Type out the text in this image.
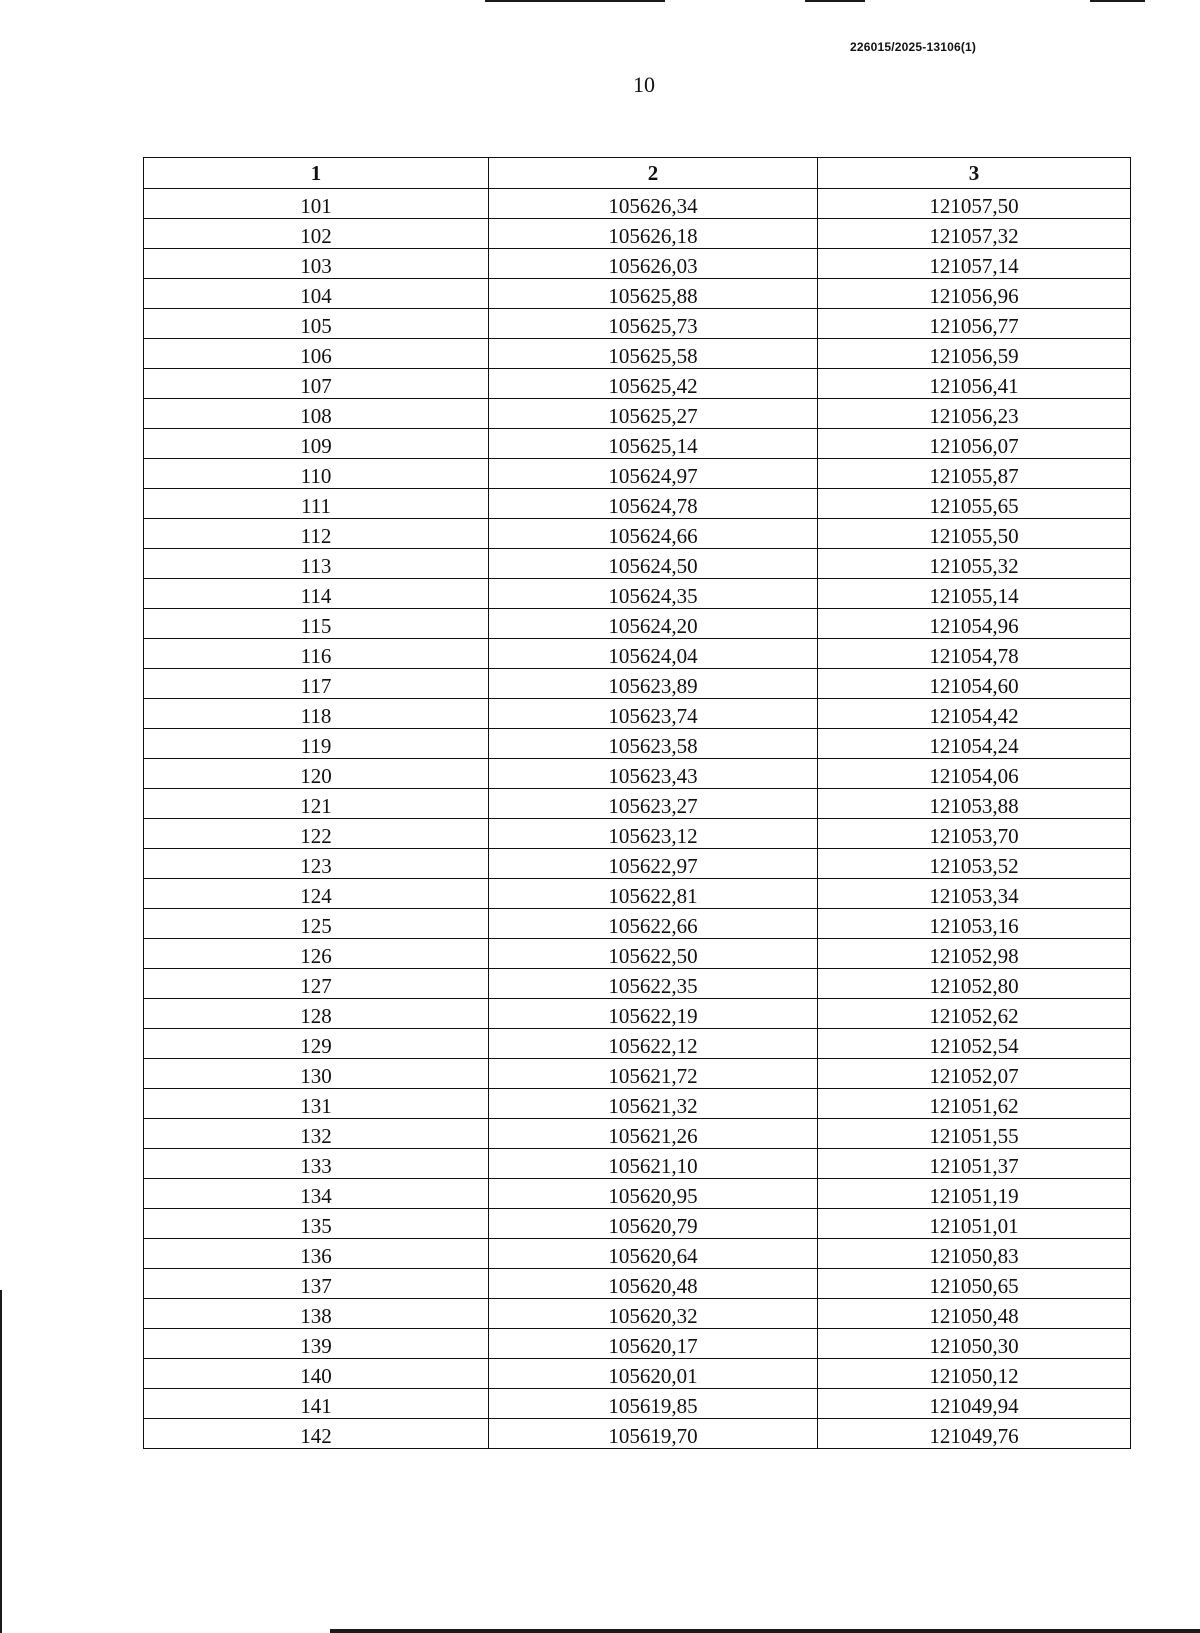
226015/2025-13106(1)
10
1	2	3
101	105626,34	121057,50
102	105626,18	121057,32
103	105626,03	121057,14
104	105625,88	121056,96
105	105625,73	121056,77
106	105625,58	121056,59
107	105625,42	121056,41
108	105625,27	121056,23
109	105625,14	121056,07
110	105624,97	121055,87
111	105624,78	121055,65
112	105624,66	121055,50
113	105624,50	121055,32
114	105624,35	121055,14
115	105624,20	121054,96
116	105624,04	121054,78
117	105623,89	121054,60
118	105623,74	121054,42
119	105623,58	121054,24
120	105623,43	121054,06
121	105623,27	121053,88
122	105623,12	121053,70
123	105622,97	121053,52
124	105622,81	121053,34
125	105622,66	121053,16
126	105622,50	121052,98
127	105622,35	121052,80
128	105622,19	121052,62
129	105622,12	121052,54
130	105621,72	121052,07
131	105621,32	121051,62
132	105621,26	121051,55
133	105621,10	121051,37
134	105620,95	121051,19
135	105620,79	121051,01
136	105620,64	121050,83
137	105620,48	121050,65
138	105620,32	121050,48
139	105620,17	121050,30
140	105620,01	121050,12
141	105619,85	121049,94
142	105619,70	121049,76
